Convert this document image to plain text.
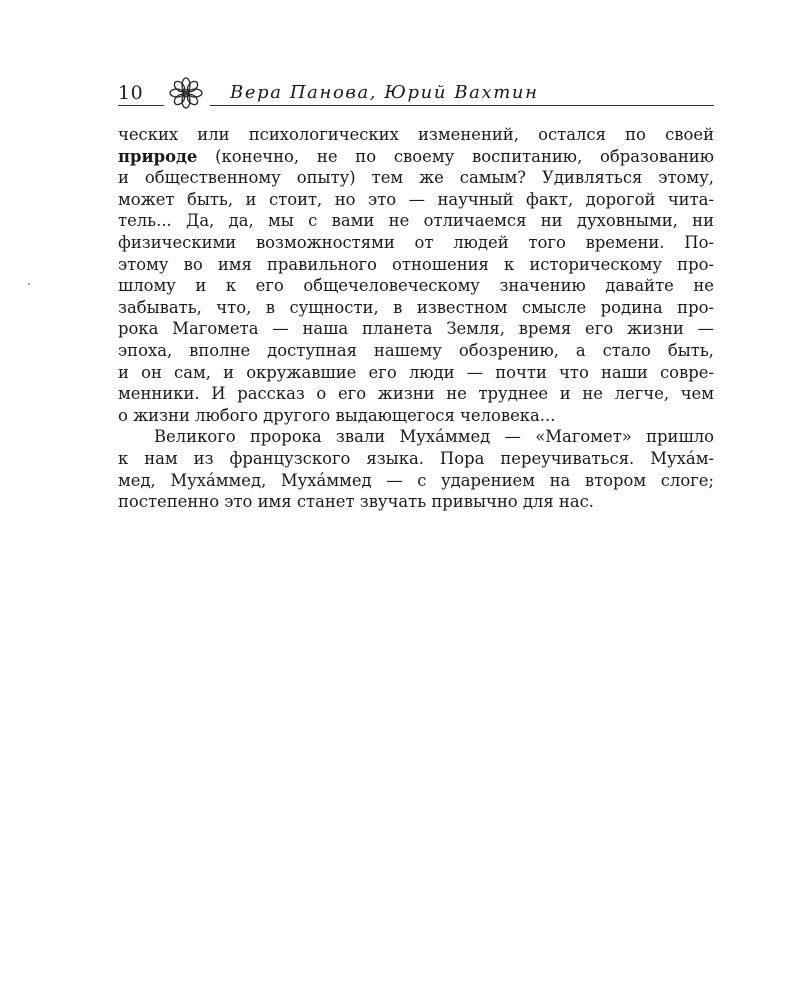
10	Вера Панова, Юрий Вахтин
ческих или психологических изменений, остался по своей
природе (конечно, не по своему воспитанию, образованию
и общественному опыту) тем же самым? Удивляться этому,
может быть, и стоит, но это — научный факт, дорогой чита-
тель... Да, да, мы с вами не отличаемся ни духовными, ни
физическими возможностями от людей того времени. По-
этому во имя правильного отношения к историческому про-
шлому и к его общечеловеческому значению давайте не
забывать, что, в сущности, в известном смысле родина про-
рока Магомета — наша планета Земля, время его жизни —
эпоха, вполне доступная нашему обозрению, а стало быть,
и он сам, и окружавшие его люди — почти что наши совре-
менники. И рассказ о его жизни не труднее и не легче, чем
о жизни любого другого выдающегося человека...
Великого пророка звали Мухáммед — «Магомет» пришло
к нам из французского языка. Пора переучиваться. Мухáм-
мед, Мухáммед, Мухáммед — с ударением на втором слоге;
постепенно это имя станет звучать привычно для нас.
